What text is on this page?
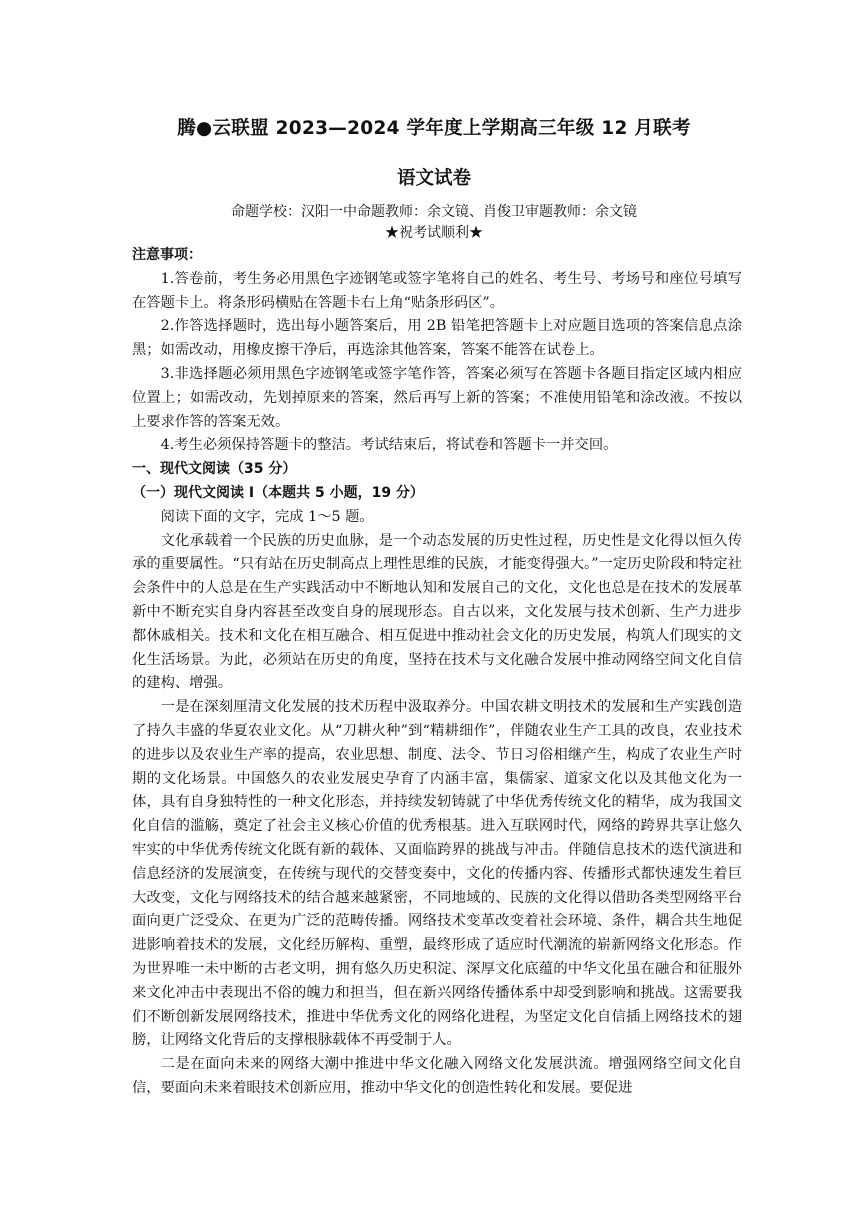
腾●云联盟 2023—2024 学年度上学期高三年级 12 月联考
语文试卷
命题学校：汉阳一中命题教师：余文镜、肖俊卫审题教师：余文镜
★祝考试顺利★
注意事项：

1.答卷前，考生务必用黑色字迹钢笔或签字笔将自己的姓名、考生号、考场号和座位号填写在答题卡上。将条形码横贴在答题卡右上角“贴条形码区”。

2.作答选择题时，选出每小题答案后，用 2B 铅笔把答题卡上对应题目选项的答案信息点涂黑；如需改动，用橡皮擦干净后，再选涂其他答案，答案不能答在试卷上。

3.非选择题必须用黑色字迹钢笔或签字笔作答，答案必须写在答题卡各题目指定区域内相应位置上；如需改动，先划掉原来的答案，然后再写上新的答案；不准使用铅笔和涂改液。不按以上要求作答的答案无效。

4.考生必须保持答题卡的整洁。考试结束后，将试卷和答题卡一并交回。

一、现代文阅读（35 分）
（一）现代文阅读 I（本题共 5 小题，19 分）

阅读下面的文字，完成 1～5 题。

文化承载着一个民族的历史血脉，是一个动态发展的历史性过程，历史性是文化得以恒久传承的重要属性。“只有站在历史制高点上理性思维的民族，才能变得强大。”一定历史阶段和特定社会条件中的人总是在生产实践活动中不断地认知和发展自己的文化，文化也总是在技术的发展革新中不断充实自身内容甚至改变自身的展现形态。自古以来，文化发展与技术创新、生产力进步都休戚相关。技术和文化在相互融合、相互促进中推动社会文化的历史发展，构筑人们现实的文化生活场景。为此，必须站在历史的角度，坚持在技术与文化融合发展中推动网络空间文化自信的建构、增强。

一是在深刻厘清文化发展的技术历程中汲取养分。中国农耕文明技术的发展和生产实践创造了持久丰盛的华夏农业文化。从“刀耕火种”到“精耕细作”，伴随农业生产工具的改良，农业技术的进步以及农业生产率的提高，农业思想、制度、法令、节日习俗相继产生，构成了农业生产时期的文化场景。中国悠久的农业发展史孕育了内涵丰富，集儒家、道家文化以及其他文化为一体，具有自身独特性的一种文化形态，并持续发轫铸就了中华优秀传统文化的精华，成为我国文化自信的滥觞，奠定了社会主义核心价值的优秀根基。进入互联网时代，网络的跨界共享让悠久牢实的中华优秀传统文化既有新的载体、又面临跨界的挑战与冲击。伴随信息技术的迭代演进和信息经济的发展演变，在传统与现代的交替变奏中，文化的传播内容、传播形式都快速发生着巨大改变，文化与网络技术的结合越来越紧密，不同地域的、民族的文化得以借助各类型网络平台面向更广泛受众、在更为广泛的范畴传播。网络技术变革改变着社会环境、条件，耦合共生地促进影响着技术的发展，文化经历解构、重塑，最终形成了适应时代潮流的崭新网络文化形态。作为世界唯一未中断的古老文明，拥有悠久历史积淀、深厚文化底蕴的中华文化虽在融合和征服外来文化冲击中表现出不俗的魄力和担当，但在新兴网络传播体系中却受到影响和挑战。这需要我们不断创新发展网络技术，推进中华优秀文化的网络化进程，为坚定文化自信插上网络技术的翅膀，让网络文化背后的支撑根脉载体不再受制于人。

二是在面向未来的网络大潮中推进中华文化融入网络文化发展洪流。增强网络空间文化自信，要面向未来着眼技术创新应用，推动中华文化的创造性转化和发展。要促进
